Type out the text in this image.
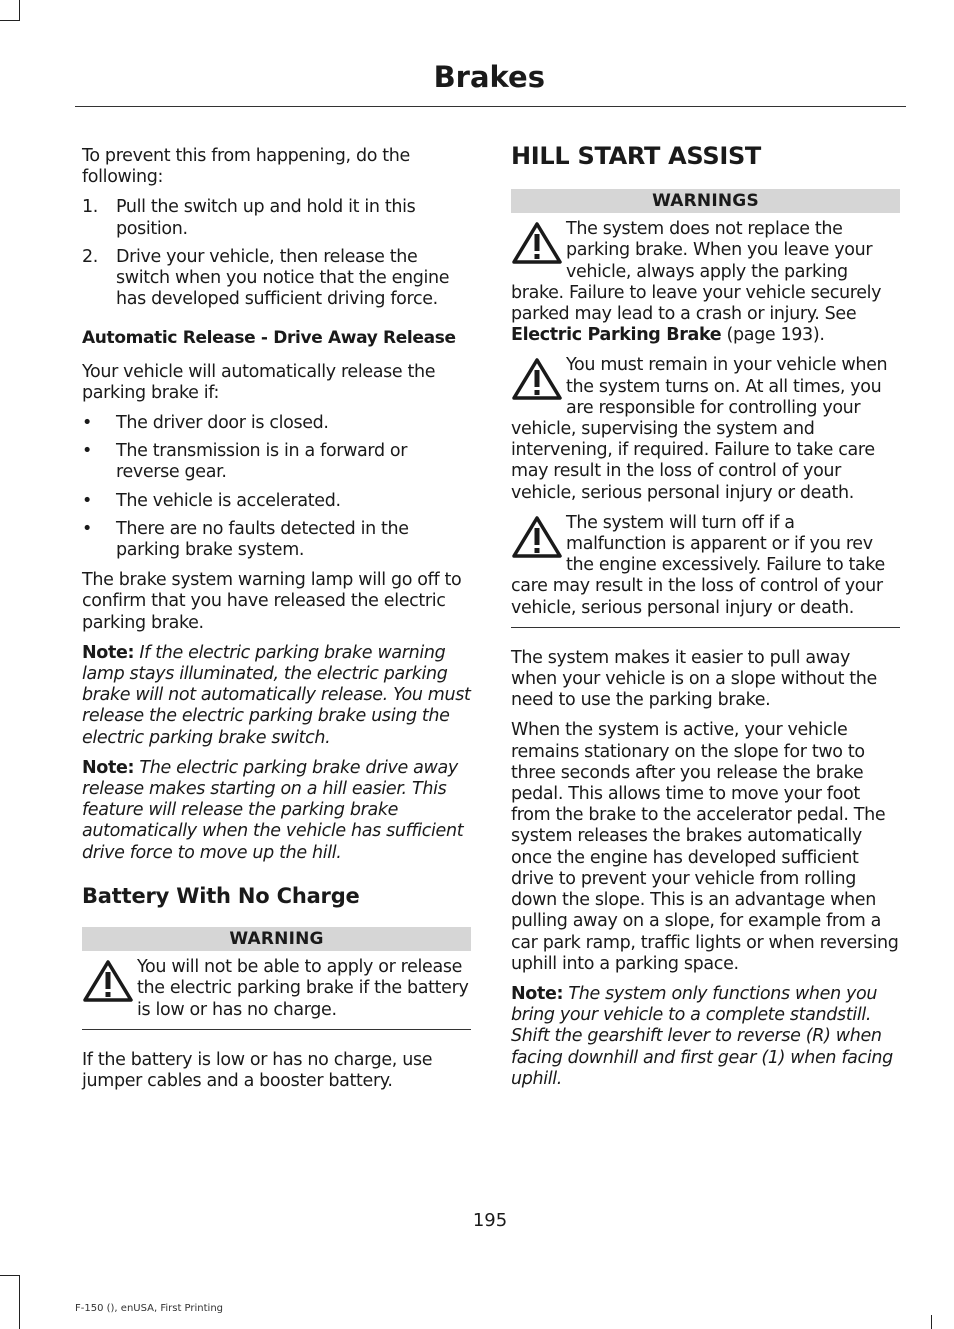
Brakes

To prevent this from happening, do the following:

1. Pull the switch up and hold it in this position.
2. Drive your vehicle, then release the switch when you notice that the engine has developed sufficient driving force.
Automatic Release - Drive Away Release

Your vehicle will automatically release the parking brake if:

• The driver door is closed.
• The transmission is in a forward or reverse gear.
• The vehicle is accelerated.
• There are no faults detected in the parking brake system.

The brake system warning lamp will go off to confirm that you have released the electric parking brake.

Note: If the electric parking brake warning lamp stays illuminated, the electric parking brake will not automatically release. You must release the electric parking brake using the electric parking brake switch.

Note: The electric parking brake drive away release makes starting on a hill easier. This feature will release the parking brake automatically when the vehicle has sufficient drive force to move up the hill.

Battery With No Charge
WARNING
You will not be able to apply or release the electric parking brake if the battery is low or has no charge.

If the battery is low or has no charge, use jumper cables and a booster battery.

HILL START ASSIST
WARNINGS
The system does not replace the parking brake. When you leave your vehicle, always apply the parking brake. Failure to leave your vehicle securely parked may lead to a crash or injury. See Electric Parking Brake (page 193).
You must remain in your vehicle when the system turns on. At all times, you are responsible for controlling your vehicle, supervising the system and intervening, if required. Failure to take care may result in the loss of control of your vehicle, serious personal injury or death.
The system will turn off if a malfunction is apparent or if you rev the engine excessively. Failure to take care may result in the loss of control of your vehicle, serious personal injury or death.

The system makes it easier to pull away when your vehicle is on a slope without the need to use the parking brake.

When the system is active, your vehicle remains stationary on the slope for two to three seconds after you release the brake pedal. This allows time to move your foot from the brake to the accelerator pedal. The system releases the brakes automatically once the engine has developed sufficient drive to prevent your vehicle from rolling down the slope. This is an advantage when pulling away on a slope, for example from a car park ramp, traffic lights or when reversing uphill into a parking space.

Note: The system only functions when you bring your vehicle to a complete standstill. Shift the gearshift lever to reverse (R) when facing downhill and first gear (1) when facing uphill.

195
F-150 (), enUSA, First Printing
